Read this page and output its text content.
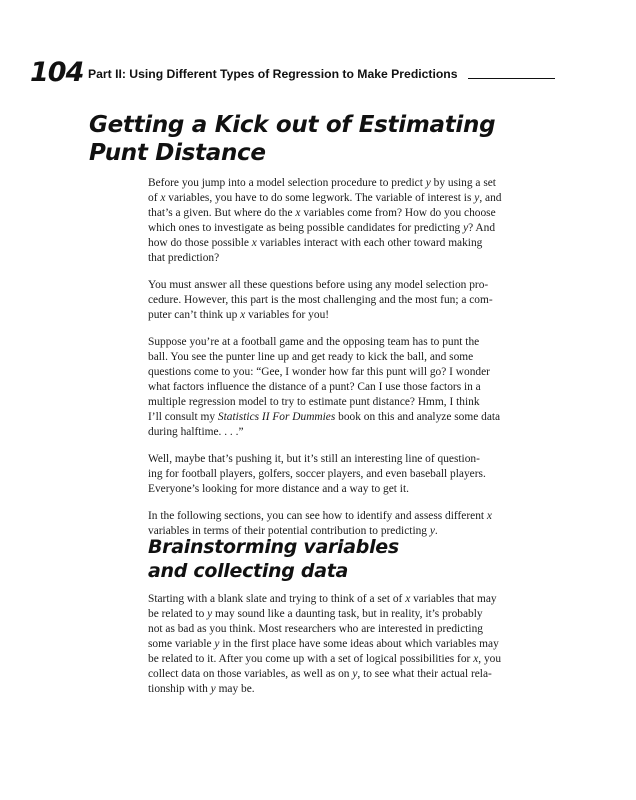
104 Part II: Using Different Types of Regression to Make Predictions
Getting a Kick out of Estimating
Punt Distance

Before you jump into a model selection procedure to predict y by using a set
of x variables, you have to do some legwork. The variable of interest is y, and
that’s a given. But where do the x variables come from? How do you choose
which ones to investigate as being possible candidates for predicting y? And
how do those possible x variables interact with each other toward making
that prediction?

You must answer all these questions before using any model selection pro-
cedure. However, this part is the most challenging and the most fun; a com-
puter can’t think up x variables for you!

Suppose you’re at a football game and the opposing team has to punt the
ball. You see the punter line up and get ready to kick the ball, and some
questions come to you: “Gee, I wonder how far this punt will go? I wonder
what factors influence the distance of a punt? Can I use those factors in a
multiple regression model to try to estimate punt distance? Hmm, I think
I’ll consult my Statistics II For Dummies book on this and analyze some data
during halftime. . . .”

Well, maybe that’s pushing it, but it’s still an interesting line of question-
ing for football players, golfers, soccer players, and even baseball players.
Everyone’s looking for more distance and a way to get it.

In the following sections, you can see how to identify and assess different x
variables in terms of their potential contribution to predicting y.

Brainstorming variables
and collecting data

Starting with a blank slate and trying to think of a set of x variables that may
be related to y may sound like a daunting task, but in reality, it’s probably
not as bad as you think. Most researchers who are interested in predicting
some variable y in the first place have some ideas about which variables may
be related to it. After you come up with a set of logical possibilities for x, you
collect data on those variables, as well as on y, to see what their actual rela-
tionship with y may be.
